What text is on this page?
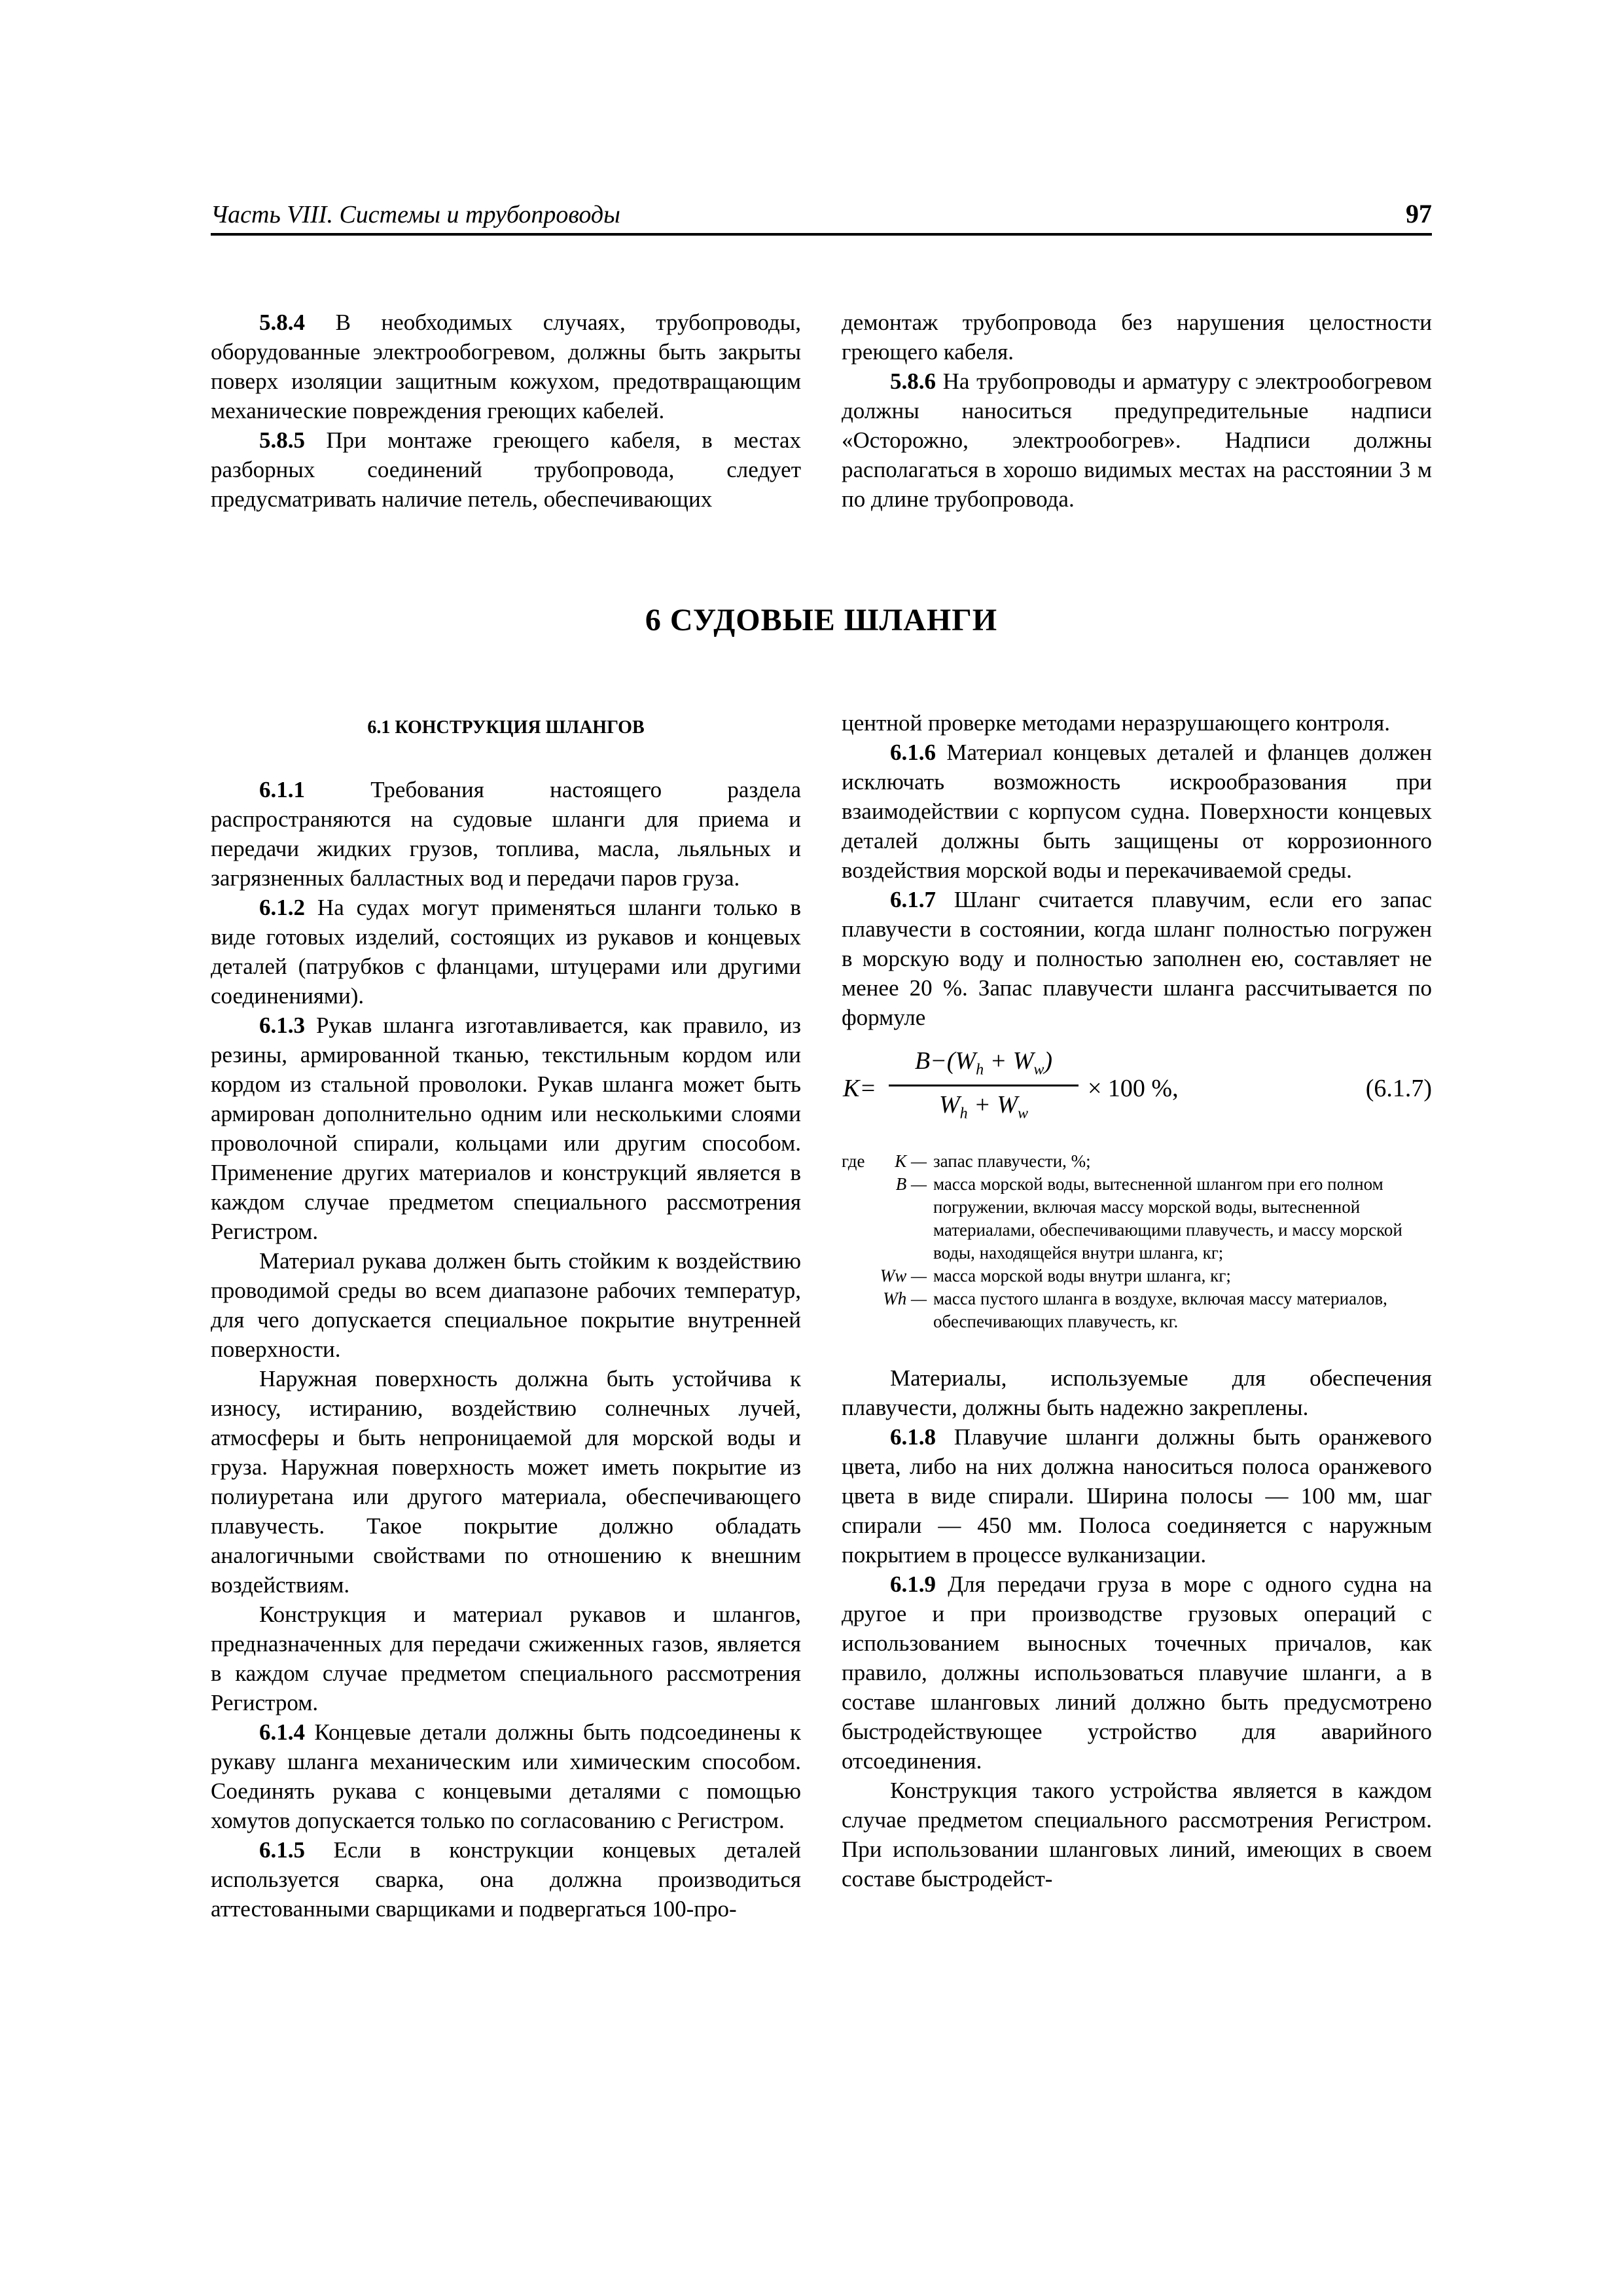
Часть VIII. Системы и трубопроводы	97

5.8.4 В необходимых случаях, трубопроводы, оборудованные электрообогревом, должны быть закрыты поверх изоляции защитным кожухом, предотвращающим механические повреждения греющих кабелей.

5.8.5 При монтаже греющего кабеля, в местах разборных соединений трубопровода, следует предусматривать наличие петель, обеспечивающих

демонтаж трубопровода без нарушения целостности греющего кабеля.

5.8.6 На трубопроводы и арматуру с электрообогревом должны наноситься предупредительные надписи «Осторожно, электрообогрев». Надписи должны располагаться в хорошо видимых местах на расстоянии 3 м по длине трубопровода.

6 СУДОВЫЕ ШЛАНГИ
6.1 КОНСТРУКЦИЯ ШЛАНГОВ

6.1.1 Требования настоящего раздела распространяются на судовые шланги для приема и передачи жидких грузов, топлива, масла, льяльных и загрязненных балластных вод и передачи паров груза.

6.1.2 На судах могут применяться шланги только в виде готовых изделий, состоящих из рукавов и концевых деталей (патрубков с фланцами, штуцерами или другими соединениями).

6.1.3 Рукав шланга изготавливается, как правило, из резины, армированной тканью, текстильным кордом или кордом из стальной проволоки. Рукав шланга может быть армирован дополнительно одним или несколькими слоями проволочной спирали, кольцами или другим способом. Применение других материалов и конструкций является в каждом случае предметом специального рассмотрения Регистром.

Материал рукава должен быть стойким к воздействию проводимой среды во всем диапазоне рабочих температур, для чего допускается специальное покрытие внутренней поверхности.

Наружная поверхность должна быть устойчива к износу, истиранию, воздействию солнечных лучей, атмосферы и быть непроницаемой для морской воды и груза. Наружная поверхность может иметь покрытие из полиуретана или другого материала, обеспечивающего плавучесть. Такое покрытие должно обладать аналогичными свойствами по отношению к внешним воздействиям.

Конструкция и материал рукавов и шлангов, предназначенных для передачи сжиженных газов, является в каждом случае предметом специального рассмотрения Регистром.

6.1.4 Концевые детали должны быть подсоединены к рукаву шланга механическим или химическим способом. Соединять рукава с концевыми деталями с помощью хомутов допускается только по согласованию с Регистром.

6.1.5 Если в конструкции концевых деталей используется сварка, она должна производиться аттестованными сварщиками и подвергаться 100-про-

центной проверке методами неразрушающего контроля.

6.1.6 Материал концевых деталей и фланцев должен исключать возможность искрообразования при взаимодействии с корпусом судна. Поверхности концевых деталей должны быть защищены от коррозионного воздействия морской воды и перекачиваемой среды.

6.1.7 Шланг считается плавучим, если его запас плавучести в состоянии, когда шланг полностью погружен в морскую воду и полностью заполнен ею, составляет не менее 20 %. Запас плавучести шланга рассчитывается по формуле

$K= \frac{B-(W_h + W_w)}{W_h + W_w} \times 100$ %,	(6.1.7)
где	K — запас плавучести, %;
B — масса морской воды, вытесненной шлангом при его полном погружении, включая массу морской воды, вытесненной материалами, обеспечивающими плавучесть, и массу морской воды, находящейся внутри шланга, кг;
Ww — масса морской воды внутри шланга, кг;
Wh — масса пустого шланга в воздухе, включая массу материалов, обеспечивающих плавучесть, кг.

Материалы, используемые для обеспечения плавучести, должны быть надежно закреплены.

6.1.8 Плавучие шланги должны быть оранжевого цвета, либо на них должна наноситься полоса оранжевого цвета в виде спирали. Ширина полосы — 100 мм, шаг спирали — 450 мм. Полоса соединяется с наружным покрытием в процессе вулканизации.

6.1.9 Для передачи груза в море с одного судна на другое и при производстве грузовых операций с использованием выносных точечных причалов, как правило, должны использоваться плавучие шланги, а в составе шланговых линий должно быть предусмотрено быстродействующее устройство для аварийного отсоединения.

Конструкция такого устройства является в каждом случае предметом специального рассмотрения Регистром. При использовании шланговых линий, имеющих в своем составе быстродейст-
